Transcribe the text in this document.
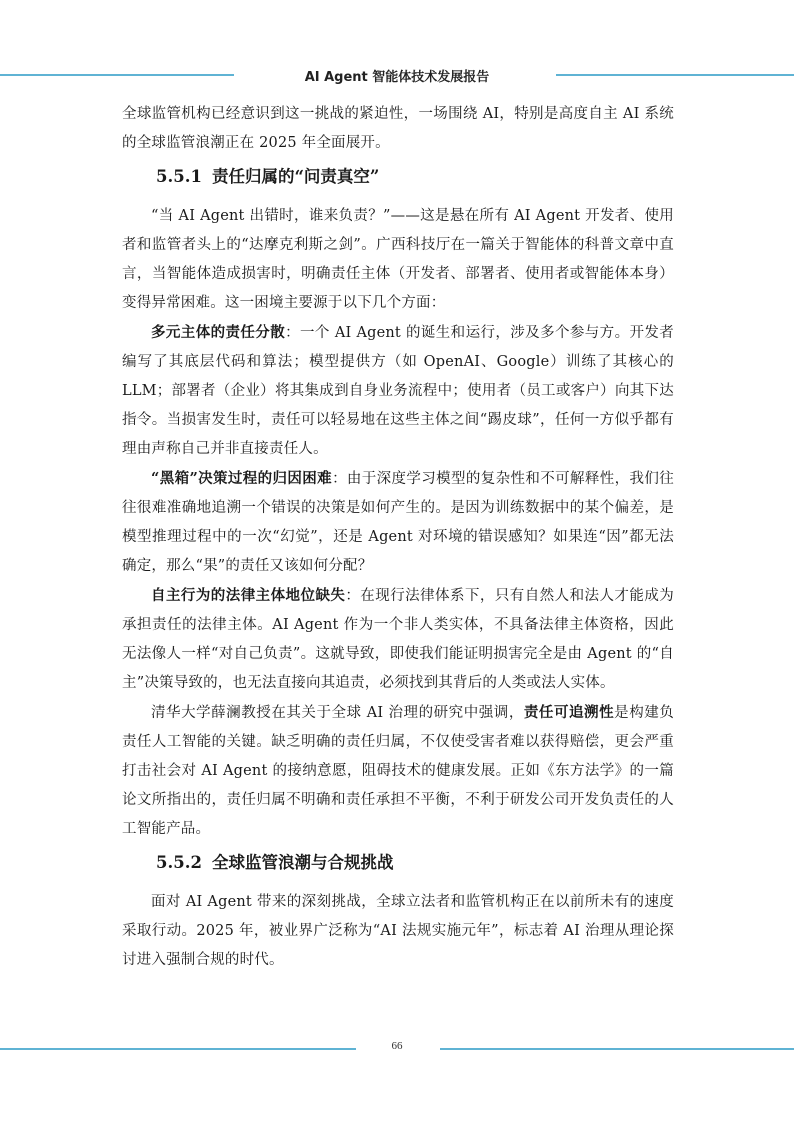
AI Agent 智能体技术发展报告

全球监管机构已经意识到这一挑战的紧迫性，一场围绕 AI，特别是高度自主 AI 系统的全球监管浪潮正在 2025 年全面展开。

5.5.1 责任归属的“问责真空”

“当 AI Agent 出错时，谁来负责？”——这是悬在所有 AI Agent 开发者、使用者和监管者头上的“达摩克利斯之剑”。广西科技厅在一篇关于智能体的科普文章中直言，当智能体造成损害时，明确责任主体（开发者、部署者、使用者或智能体本身）变得异常困难。这一困境主要源于以下几个方面：

多元主体的责任分散：一个 AI Agent 的诞生和运行，涉及多个参与方。开发者编写了其底层代码和算法；模型提供方（如 OpenAI、Google）训练了其核心的 LLM；部署者（企业）将其集成到自身业务流程中；使用者（员工或客户）向其下达指令。当损害发生时，责任可以轻易地在这些主体之间“踢皮球”，任何一方似乎都有理由声称自己并非直接责任人。

“黑箱”决策过程的归因困难：由于深度学习模型的复杂性和不可解释性，我们往往很难准确地追溯一个错误的决策是如何产生的。是因为训练数据中的某个偏差，是模型推理过程中的一次“幻觉”，还是 Agent 对环境的错误感知？如果连“因”都无法确定，那么“果”的责任又该如何分配？

自主行为的法律主体地位缺失：在现行法律体系下，只有自然人和法人才能成为承担责任的法律主体。AI Agent 作为一个非人类实体，不具备法律主体资格，因此无法像人一样“对自己负责”。这就导致，即使我们能证明损害完全是由 Agent 的“自主”决策导致的，也无法直接向其追责，必须找到其背后的人类或法人实体。

清华大学薛澜教授在其关于全球 AI 治理的研究中强调，责任可追溯性是构建负责任人工智能的关键。缺乏明确的责任归属，不仅使受害者难以获得赔偿，更会严重打击社会对 AI Agent 的接纳意愿，阻碍技术的健康发展。正如《东方法学》的一篇论文所指出的，责任归属不明确和责任承担不平衡，不利于研发公司开发负责任的人工智能产品。

5.5.2 全球监管浪潮与合规挑战

面对 AI Agent 带来的深刻挑战，全球立法者和监管机构正在以前所未有的速度采取行动。2025 年，被业界广泛称为“AI 法规实施元年”，标志着 AI 治理从理论探讨进入强制合规的时代。

66
